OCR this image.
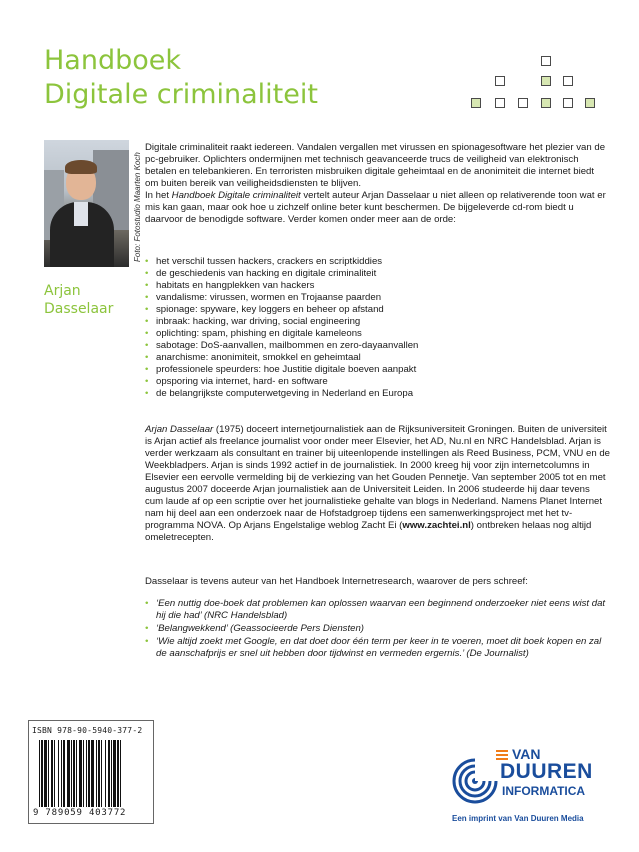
Handboek
Digitale criminaliteit
Foto: Fotostudio Maarten Koch
Arjan
Dasselaar

Digitale criminaliteit raakt iedereen. Vandalen vergallen met virussen en spionagesoftware het plezier van de pc-gebruiker. Oplichters ondermijnen met technisch geavanceerde trucs de veiligheid van elektronisch betalen en telebankieren. En terroristen misbruiken digitale geheimtaal en de anonimiteit die internet biedt om buiten bereik van veiligheidsdiensten te blijven.

In het Handboek Digitale criminaliteit vertelt auteur Arjan Dasselaar u niet alleen op relativerende toon wat er mis kan gaan, maar ook hoe u zichzelf online beter kunt beschermen. De bijgeleverde cd-rom biedt u daarvoor de benodigde software. Verder komen onder meer aan de orde:

• het verschil tussen hackers, crackers en scriptkiddies
• de geschiedenis van hacking en digitale criminaliteit
• habitats en hangplekken van hackers
• vandalisme: virussen, wormen en Trojaanse paarden
• spionage: spyware, key loggers en beheer op afstand
• inbraak: hacking, war driving, social engineering
• oplichting: spam, phishing en digitale kameleons
• sabotage: DoS-aanvallen, mailbommen en zero-dayaanvallen
• anarchisme: anonimiteit, smokkel en geheimtaal
• professionele speurders: hoe Justitie digitale boeven aanpakt
• opsporing via internet, hard- en software
• de belangrijkste computerwetgeving in Nederland en Europa

Arjan Dasselaar (1975) doceert internetjournalistiek aan de Rijksuniversiteit Groningen. Buiten de universiteit is Arjan actief als freelance journalist voor onder meer Elsevier, het AD, Nu.nl en NRC Handelsblad. Arjan is verder werkzaam als consultant en trainer bij uiteenlopende instellingen als Reed Business, PCM, VNU en de Weekbladpers. Arjan is sinds 1992 actief in de journalistiek. In 2000 kreeg hij voor zijn internetcolumns in Elsevier een eervolle vermelding bij de verkiezing van het Gouden Pennetje. Van september 2005 tot en met augustus 2007 doceerde Arjan journalistiek aan de Universiteit Leiden. In 2006 studeerde hij daar tevens cum laude af op een scriptie over het journalistieke gehalte van blogs in Nederland. Namens Planet Internet nam hij deel aan een onderzoek naar de Hofstadgroep tijdens een samenwerkingsproject met het tv-programma NOVA. Op Arjans Engelstalige weblog Zacht Ei (www.zachtei.nl) ontbreken helaas nog altijd omeletrecepten.

Dasselaar is tevens auteur van het Handboek Internetresearch, waarover de pers schreef:
• ‘Een nuttig doe-boek dat problemen kan oplossen waarvan een beginnend onderzoeker niet eens wist dat hij die had’ (NRC Handelsblad)
• ‘Belangwekkend’ (Geassocieerde Pers Diensten)
• ‘Wie altijd zoekt met Google, en dat doet door één term per keer in te voeren, moet dit boek kopen en zal de aanschafprijs er snel uit hebben door tijdwinst en vermeden ergernis.’ (De Journalist)
ISBN 978-90-5940-377-2
9 789059 403772
VAN
DUUREN
INFORMATICA
Een imprint van Van Duuren Media
